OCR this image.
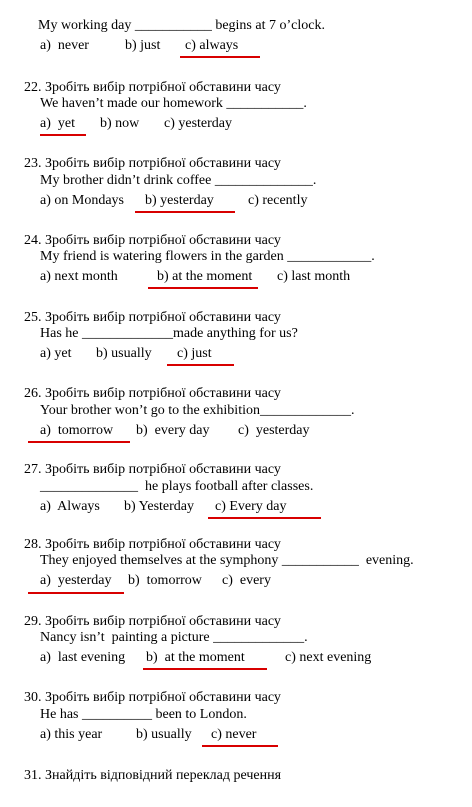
My working day ___________ begins at 7 o’clock.
a)  never	b) just c) always
22. Зробіть вибір потрібної обставини часу
We haven’t made our homework ___________.
a)  yet b) now c) yesterday
23. Зробіть вибір потрібної обставини часу
My brother didn’t drink coffee ______________.
a) on Mondays b) yesterday c) recently
24. Зробіть вибір потрібної обставини часу
My friend is watering flowers in the garden ____________.
a) next month	b) at the moment c) last month
25. Зробіть вибір потрібної обставини часу
Has he _____________made anything for us?
a) yet b) usually c) just
26. Зробіть вибір потрібної обставини часу
Your brother won’t go to the exhibition_____________.
a)  tomorrow b)  every day c)  yesterday
27. Зробіть вибір потрібної обставини часу
______________  he plays football after classes.
a)  Always b) Yesterday c) Every day
28. Зробіть вибір потрібної обставини часу
They enjoyed themselves at the symphony ___________  evening.
a)  yesterday b)  tomorrow c)  every
29. Зробіть вибір потрібної обставини часу
Nancy isn’t  painting a picture _____________.
a)  last evening b)  at the moment	c) next evening
30. Зробіть вибір потрібної обставини часу
He has __________ been to London.
a) this year b) usually c) never
31. Знайдіть відповідний переклад речення
